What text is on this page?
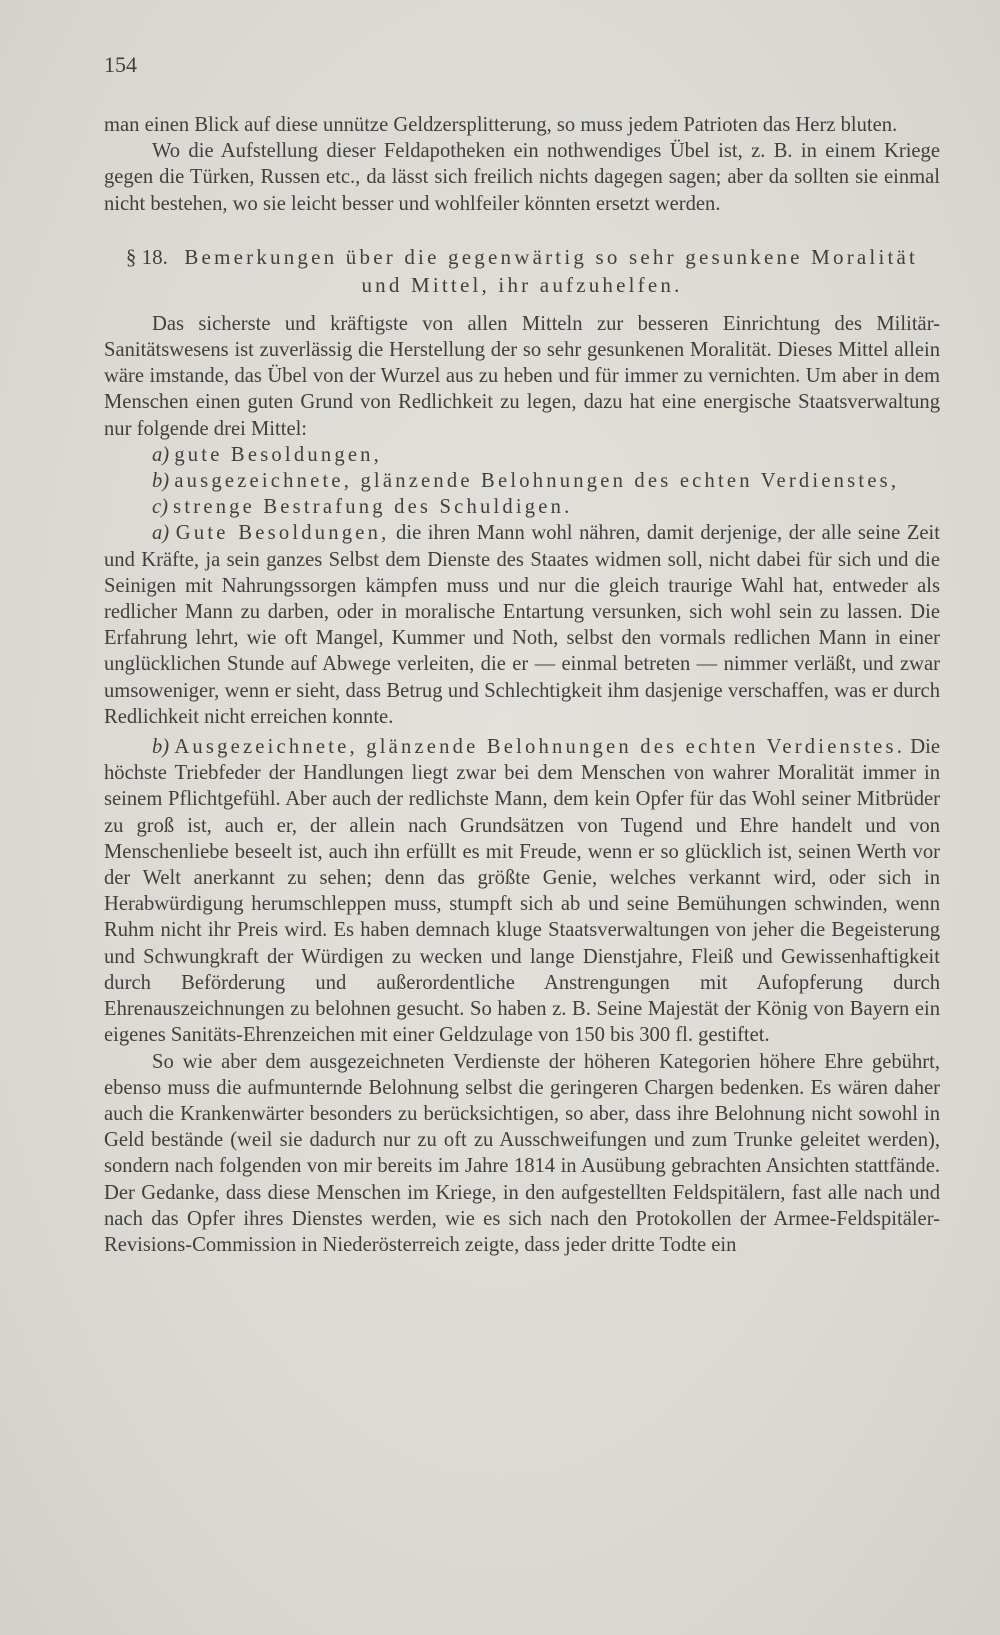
154

man einen Blick auf diese unnütze Geldzersplitterung, so muss jedem Patrioten das Herz bluten.

Wo die Aufstellung dieser Feldapotheken ein nothwendiges Übel ist, z. B. in einem Kriege gegen die Türken, Russen etc., da lässt sich freilich nichts dagegen sagen; aber da sollten sie einmal nicht bestehen, wo sie leicht besser und wohlfeiler könnten ersetzt werden.

§ 18. Bemerkungen über die gegenwärtig so sehr gesunkene Moralität und Mittel, ihr aufzuhelfen.

Das sicherste und kräftigste von allen Mitteln zur besseren Einrichtung des Militär-Sanitätswesens ist zuverlässig die Herstellung der so sehr gesunkenen Moralität. Dieses Mittel allein wäre imstande, das Übel von der Wurzel aus zu heben und für immer zu vernichten. Um aber in dem Menschen einen guten Grund von Redlichkeit zu legen, dazu hat eine energische Staatsverwaltung nur folgende drei Mittel:

a) gute Besoldungen,

b) ausgezeichnete, glänzende Belohnungen des echten Verdienstes,

c) strenge Bestrafung des Schuldigen.

a) Gute Besoldungen, die ihren Mann wohl nähren, damit derjenige, der alle seine Zeit und Kräfte, ja sein ganzes Selbst dem Dienste des Staates widmen soll, nicht dabei für sich und die Seinigen mit Nahrungssorgen kämpfen muss und nur die gleich traurige Wahl hat, entweder als redlicher Mann zu darben, oder in moralische Entartung versunken, sich wohl sein zu lassen. Die Erfahrung lehrt, wie oft Mangel, Kummer und Noth, selbst den vormals redlichen Mann in einer unglücklichen Stunde auf Abwege verleiten, die er — einmal betreten — nimmer verläßt, und zwar umsoweniger, wenn er sieht, dass Betrug und Schlechtigkeit ihm dasjenige verschaffen, was er durch Redlichkeit nicht erreichen konnte.

b) Ausgezeichnete, glänzende Belohnungen des echten Verdienstes. Die höchste Triebfeder der Handlungen liegt zwar bei dem Menschen von wahrer Moralität immer in seinem Pflichtgefühl. Aber auch der redlichste Mann, dem kein Opfer für das Wohl seiner Mitbrüder zu groß ist, auch er, der allein nach Grundsätzen von Tugend und Ehre handelt und von Menschenliebe beseelt ist, auch ihn erfüllt es mit Freude, wenn er so glücklich ist, seinen Werth vor der Welt anerkannt zu sehen; denn das größte Genie, welches verkannt wird, oder sich in Herabwürdigung herumschleppen muss, stumpft sich ab und seine Bemühungen schwinden, wenn Ruhm nicht ihr Preis wird. Es haben demnach kluge Staatsverwaltungen von jeher die Begeisterung und Schwungkraft der Würdigen zu wecken und lange Dienstjahre, Fleiß und Gewissenhaftigkeit durch Beförderung und außerordentliche Anstrengungen mit Aufopferung durch Ehrenauszeichnungen zu belohnen gesucht. So haben z. B. Seine Majestät der König von Bayern ein eigenes Sanitäts-Ehrenzeichen mit einer Geldzulage von 150 bis 300 fl. gestiftet.

So wie aber dem ausgezeichneten Verdienste der höheren Kategorien höhere Ehre gebührt, ebenso muss die aufmunternde Belohnung selbst die geringeren Chargen bedenken. Es wären daher auch die Krankenwärter besonders zu berücksichtigen, so aber, dass ihre Belohnung nicht sowohl in Geld bestände (weil sie dadurch nur zu oft zu Ausschweifungen und zum Trunke geleitet werden), sondern nach folgenden von mir bereits im Jahre 1814 in Ausübung gebrachten Ansichten stattfände. Der Gedanke, dass diese Menschen im Kriege, in den aufgestellten Feldspitälern, fast alle nach und nach das Opfer ihres Dienstes werden, wie es sich nach den Protokollen der Armee-Feldspitäler-Revisions-Commission in Niederösterreich zeigte, dass jeder dritte Todte ein
